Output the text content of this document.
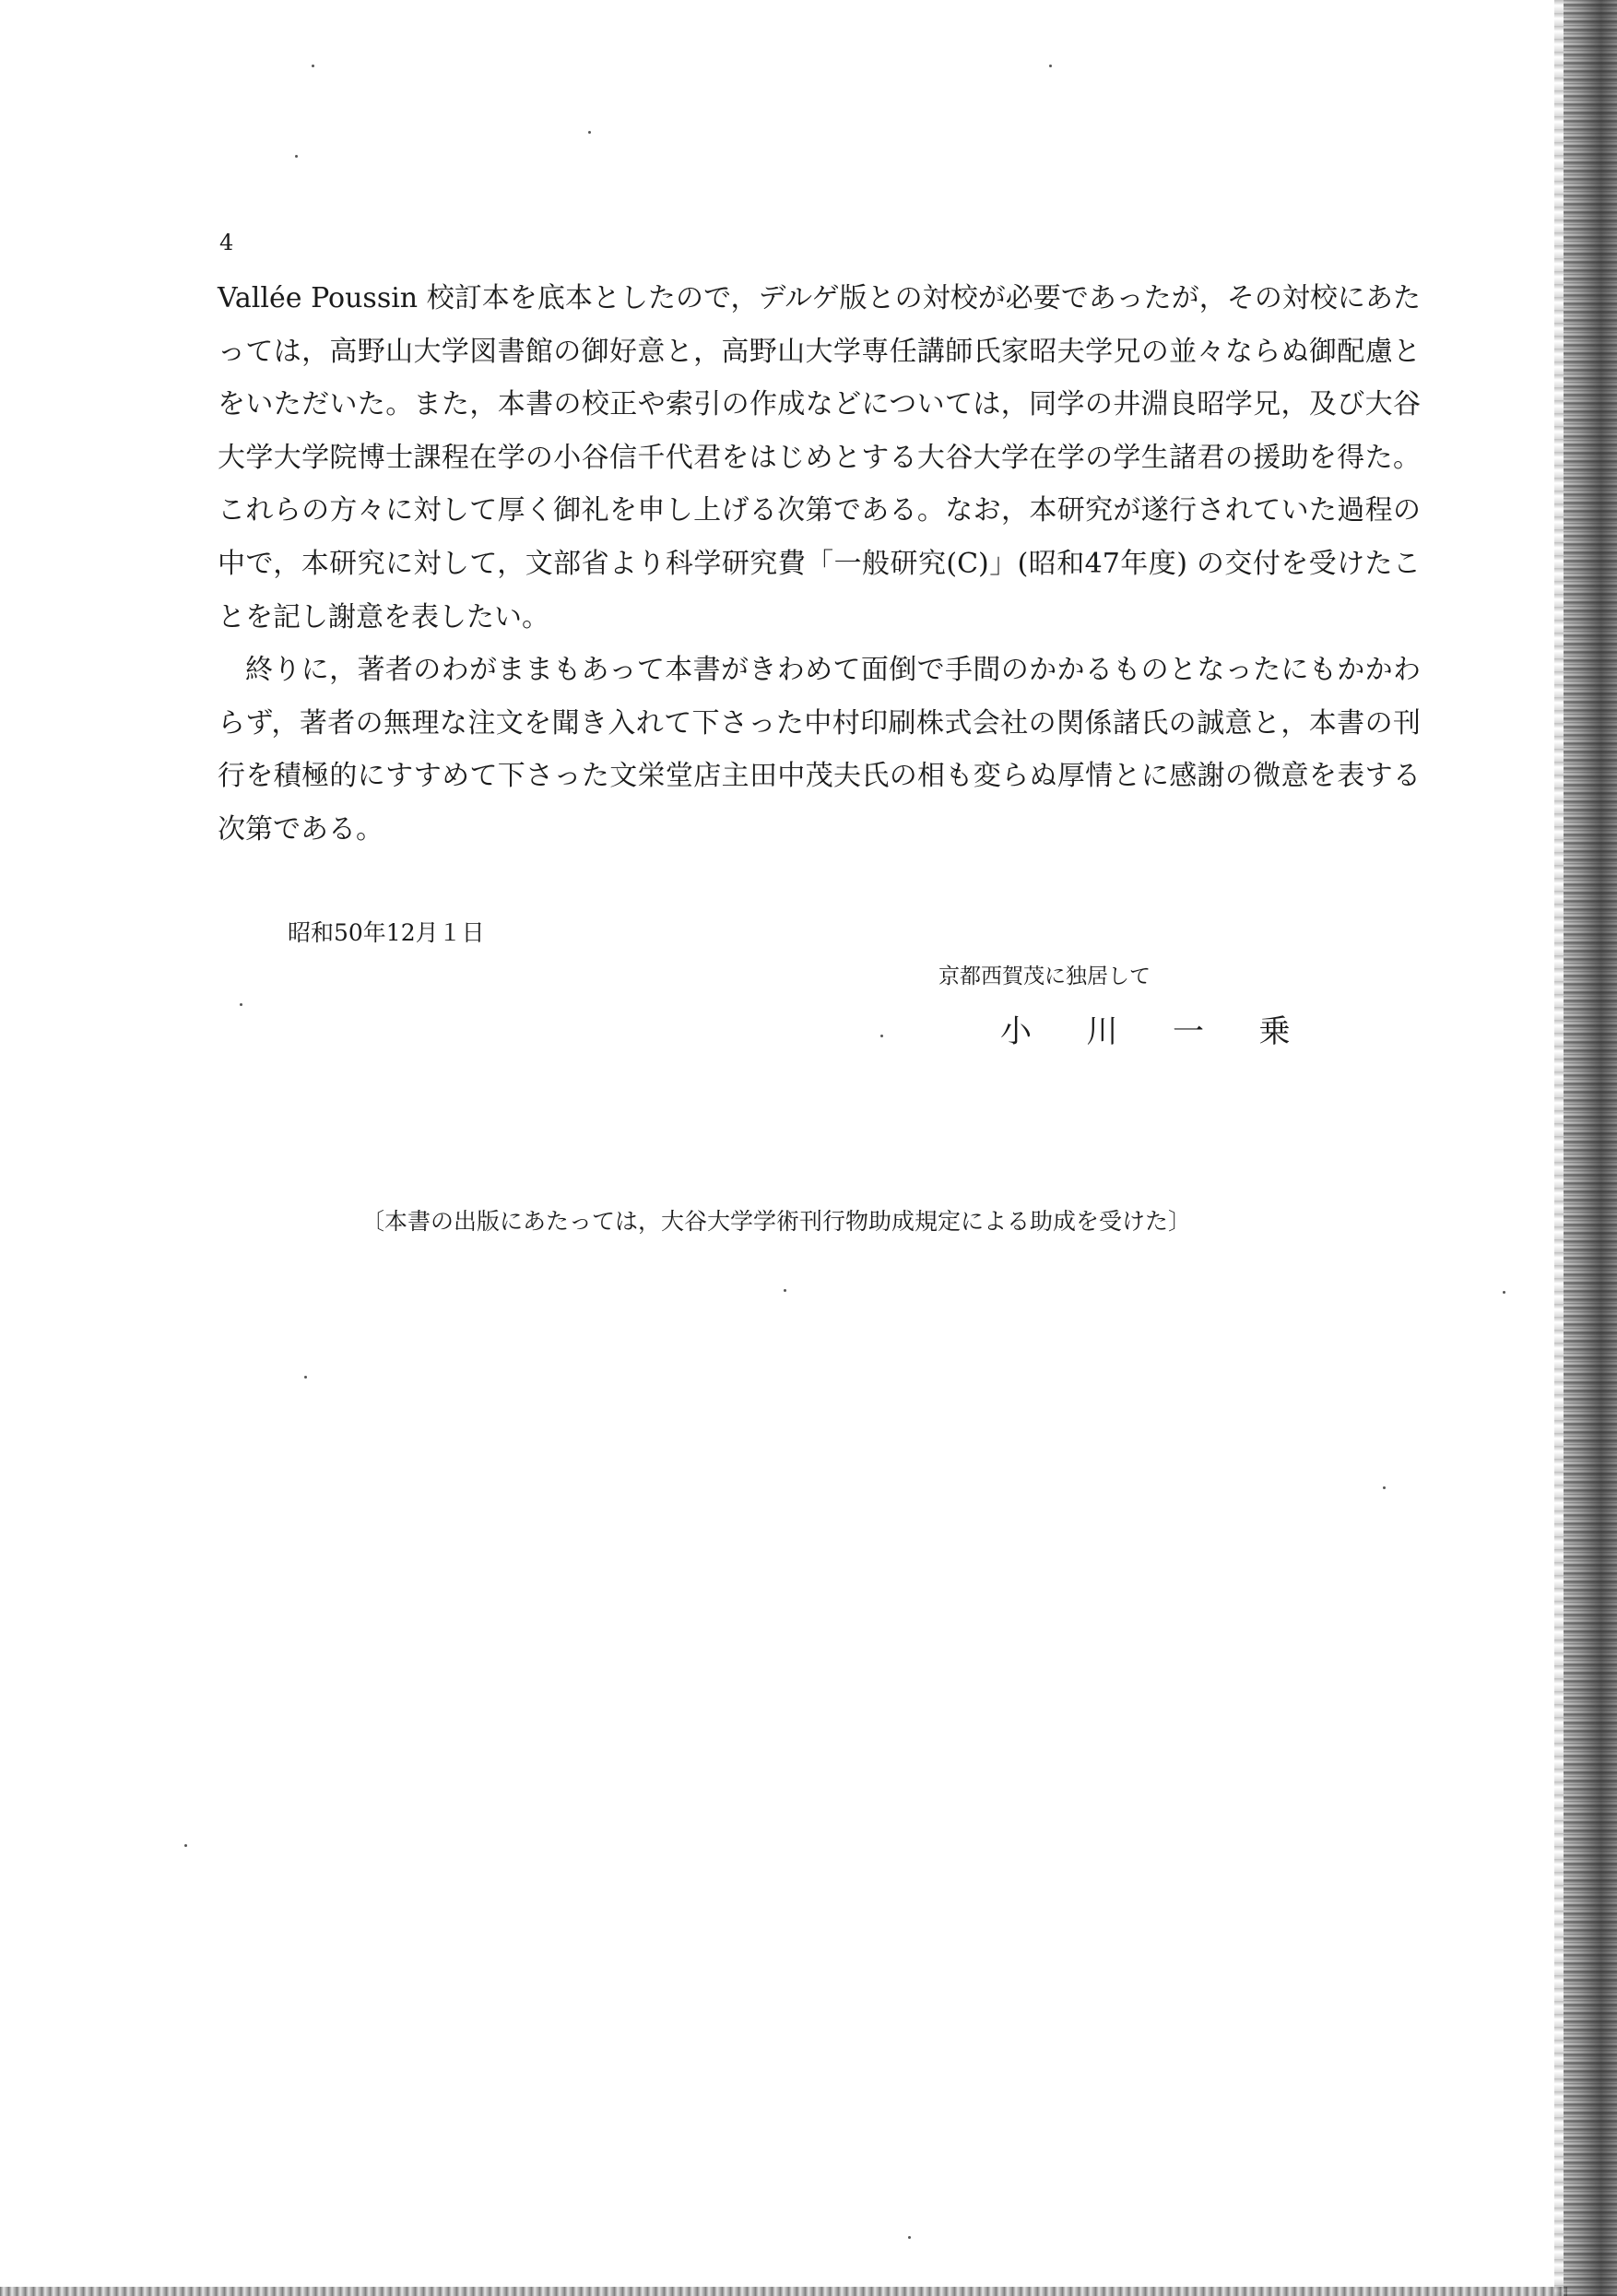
4

Vallée Poussin 校訂本を底本としたので，デルゲ版との対校が必要であったが，その対校にあたっては，高野山大学図書館の御好意と，高野山大学専任講師氏家昭夫学兄の並々ならぬ御配慮とをいただいた。また，本書の校正や索引の作成などについては，同学の井淵良昭学兄，及び大谷大学大学院博士課程在学の小谷信千代君をはじめとする大谷大学在学の学生諸君の援助を得た。これらの方々に対して厚く御礼を申し上げる次第である。なお，本研究が遂行されていた過程の中で，本研究に対して，文部省より科学研究費「一般研究(C)」(昭和47年度) の交付を受けたことを記し謝意を表したい。

終りに，著者のわがままもあって本書がきわめて面倒で手間のかかるものとなったにもかかわらず，著者の無理な注文を聞き入れて下さった中村印刷株式会社の関係諸氏の誠意と，本書の刊行を積極的にすすめて下さった文栄堂店主田中茂夫氏の相も変らぬ厚情とに感謝の微意を表する次第である。

昭和50年12月１日
京都西賀茂に独居して
小川一乗
〔本書の出版にあたっては，大谷大学学術刊行物助成規定による助成を受けた〕
